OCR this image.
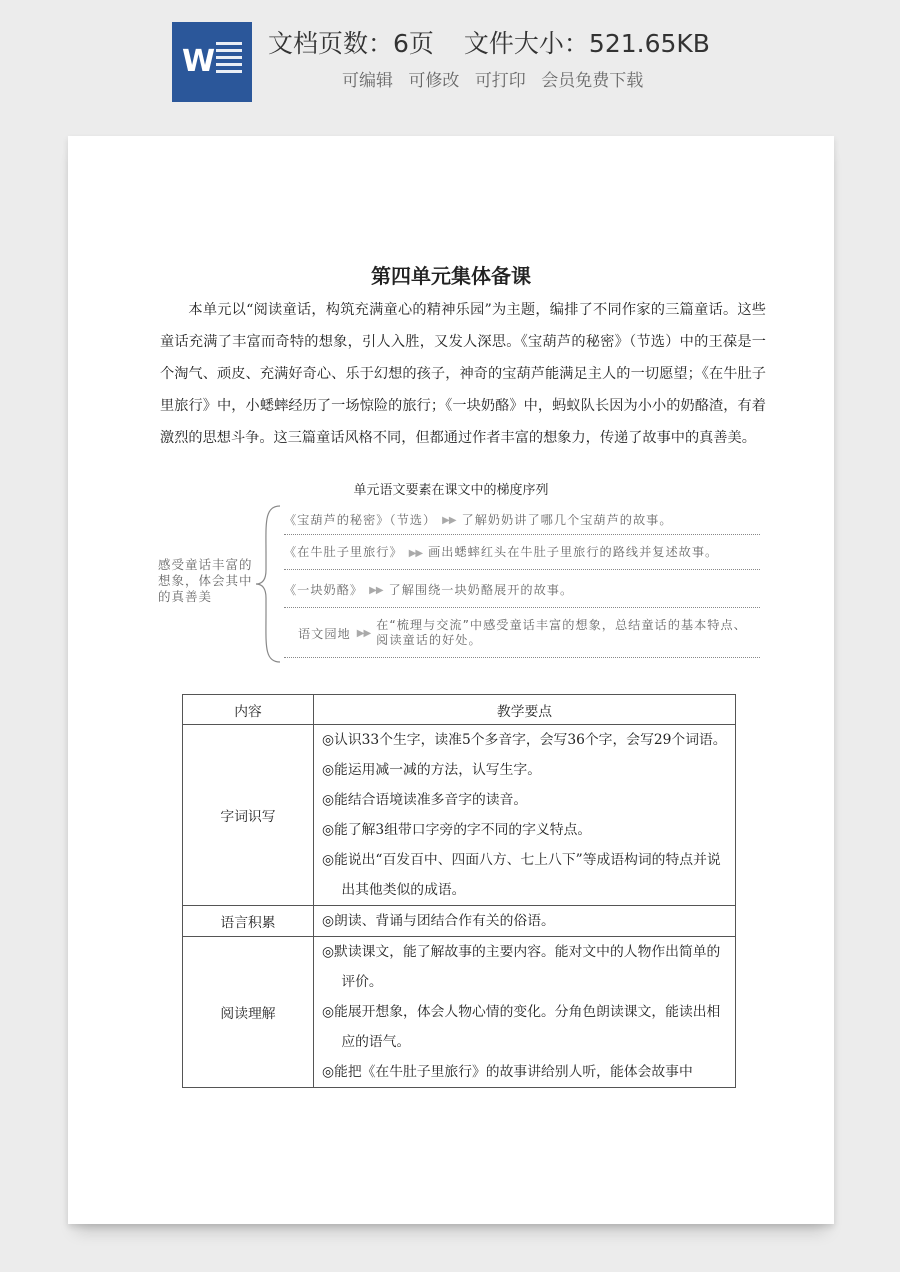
W
文档页数：6页 文件大小：521.65KB
可编辑 可修改 可打印 会员免费下载
第四单元集体备课

本单元以“阅读童话，构筑充满童心的精神乐园”为主题，编排了不同作家的三篇童话。这些童话充满了丰富而奇特的想象，引人入胜，又发人深思。《宝葫芦的秘密》（节选）中的王葆是一个淘气、顽皮、充满好奇心、乐于幻想的孩子，神奇的宝葫芦能满足主人的一切愿望；《在牛肚子里旅行》中，小蟋蟀经历了一场惊险的旅行；《一块奶酪》中，蚂蚁队长因为小小的奶酪渣，有着激烈的思想斗争。这三篇童话风格不同，但都通过作者丰富的想象力，传递了故事中的真善美。

单元语文要素在课文中的梯度序列

感受童话丰富的想象，体会其中的真善美

《宝葫芦的秘密》（节选） ▶▶ 了解奶奶讲了哪几个宝葫芦的故事。
《在牛肚子里旅行》 ▶▶ 画出蟋蟀红头在牛肚子里旅行的路线并复述故事。
《一块奶酪》 ▶▶ 了解围绕一块奶酪展开的故事。
语文园地 ▶▶
在“梳理与交流”中感受童话丰富的想象，总结童话的基本特点、阅读童话的好处。
内容	教学要点
字词识写	◎认识33个生字，读准5个多音字，会写36个字，会写29个词语。

◎能运用减一减的方法，认写生字。

◎能结合语境读准多音字的读音。

◎能了解3组带口字旁的字不同的字义特点。

◎能说出“百发百中、四面八方、七上八下”等成语构词的特点并说出其他类似的成语。

语言积累	◎朗读、背诵与团结合作有关的俗语。

阅读理解	◎默读课文，能了解故事的主要内容。能对文中的人物作出简单的评价。

◎能展开想象，体会人物心情的变化。分角色朗读课文，能读出相应的语气。

◎能把《在牛肚子里旅行》的故事讲给别人听，能体会故事中
